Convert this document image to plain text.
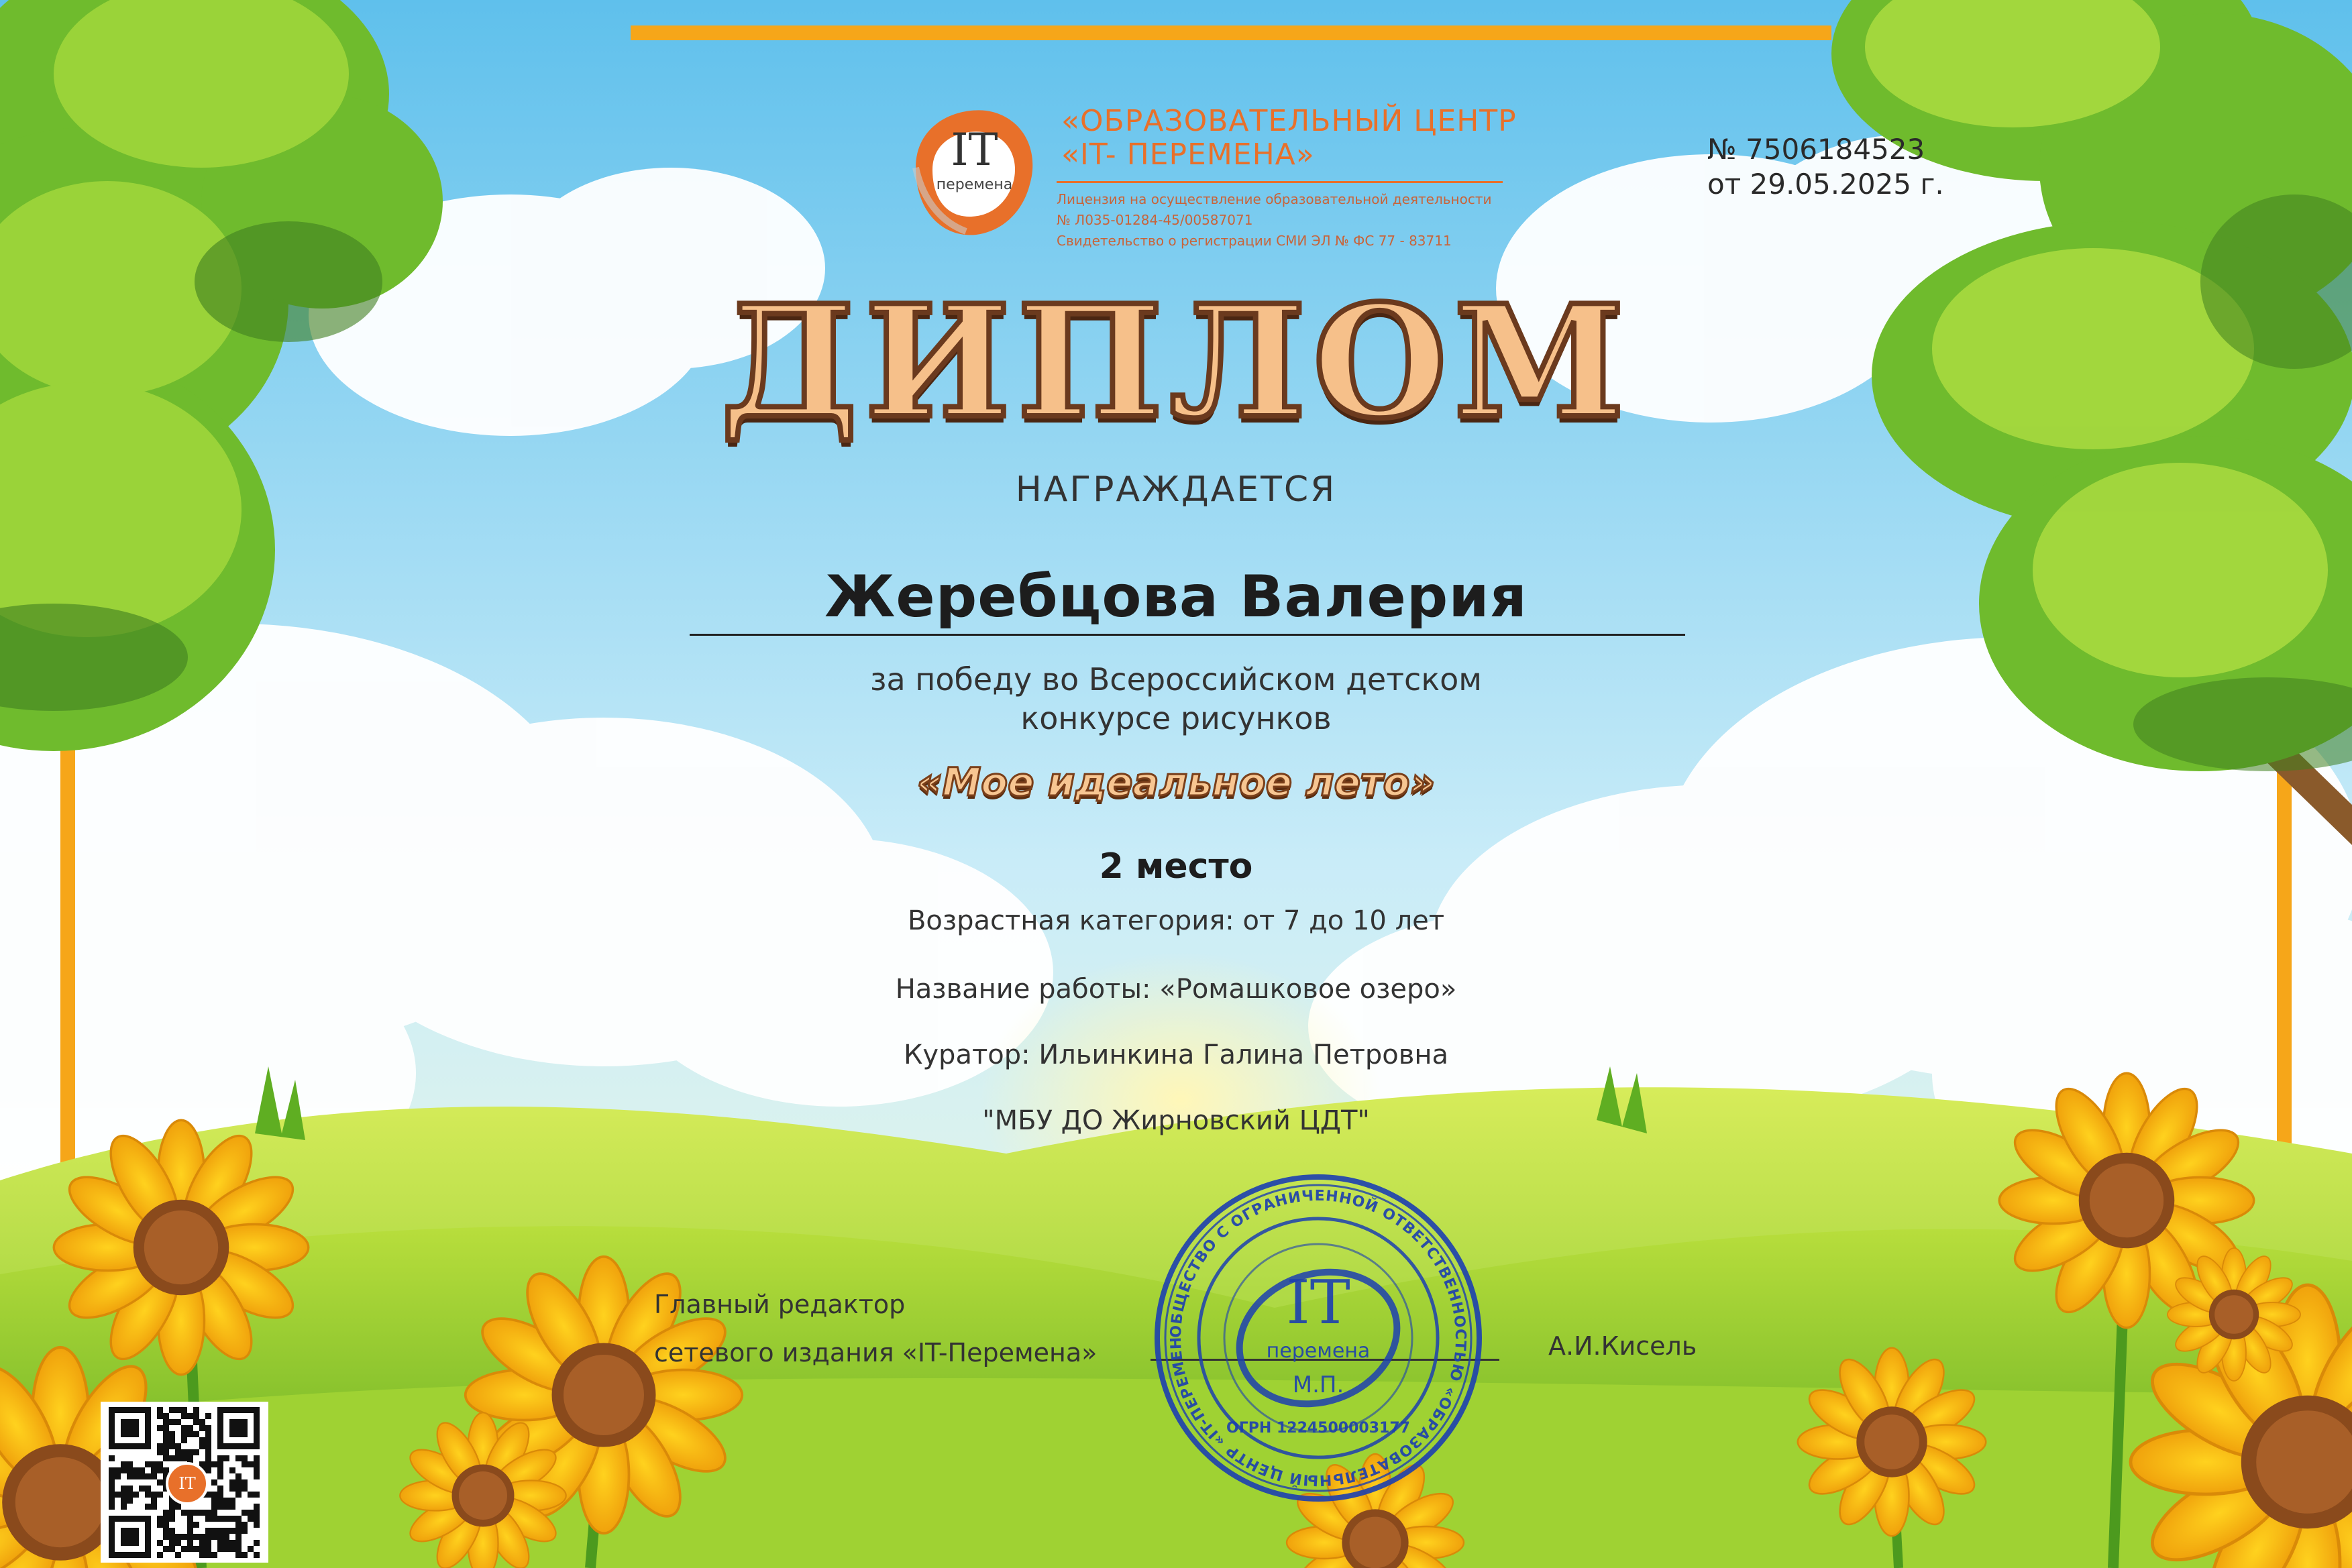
IT
перемена
«ОБРАЗОВАТЕЛЬНЫЙ ЦЕНТР
«IT- ПЕРЕМЕНА»
Лицензия на осуществление образовательной деятельности
№ Л035-01284-45/00587071
Свидетельство о регистрации СМИ ЭЛ № ФС 77 - 83711
№ 7506184523
от 29.05.2025 г.
ДИПЛОМ
НАГРАЖДАЕТСЯ
Жеребцова Валерия
за победу во Всероссийском детском
конкурсе рисунков
«Мое идеальное лето»
2 место
Возрастная категория: от 7 до 10 лет
Название работы: «Ромашковое озеро»
Куратор: Ильинкина Галина Петровна
"МБУ ДО Жирновский ЦДТ"
Главный редактор
сетевого издания «IT-Перемена»	А.И.Кисель
ОБЩЕСТВО С ОГРАНИЧЕННОЙ ОТВЕТСТВЕННОСТЬЮ «ОБРАЗОВАТЕЛЬНЫЙ ЦЕНТР «IT-ПЕРЕМЕН
IT
перемена
М.П.
ОГРН 1224500003177
IT
